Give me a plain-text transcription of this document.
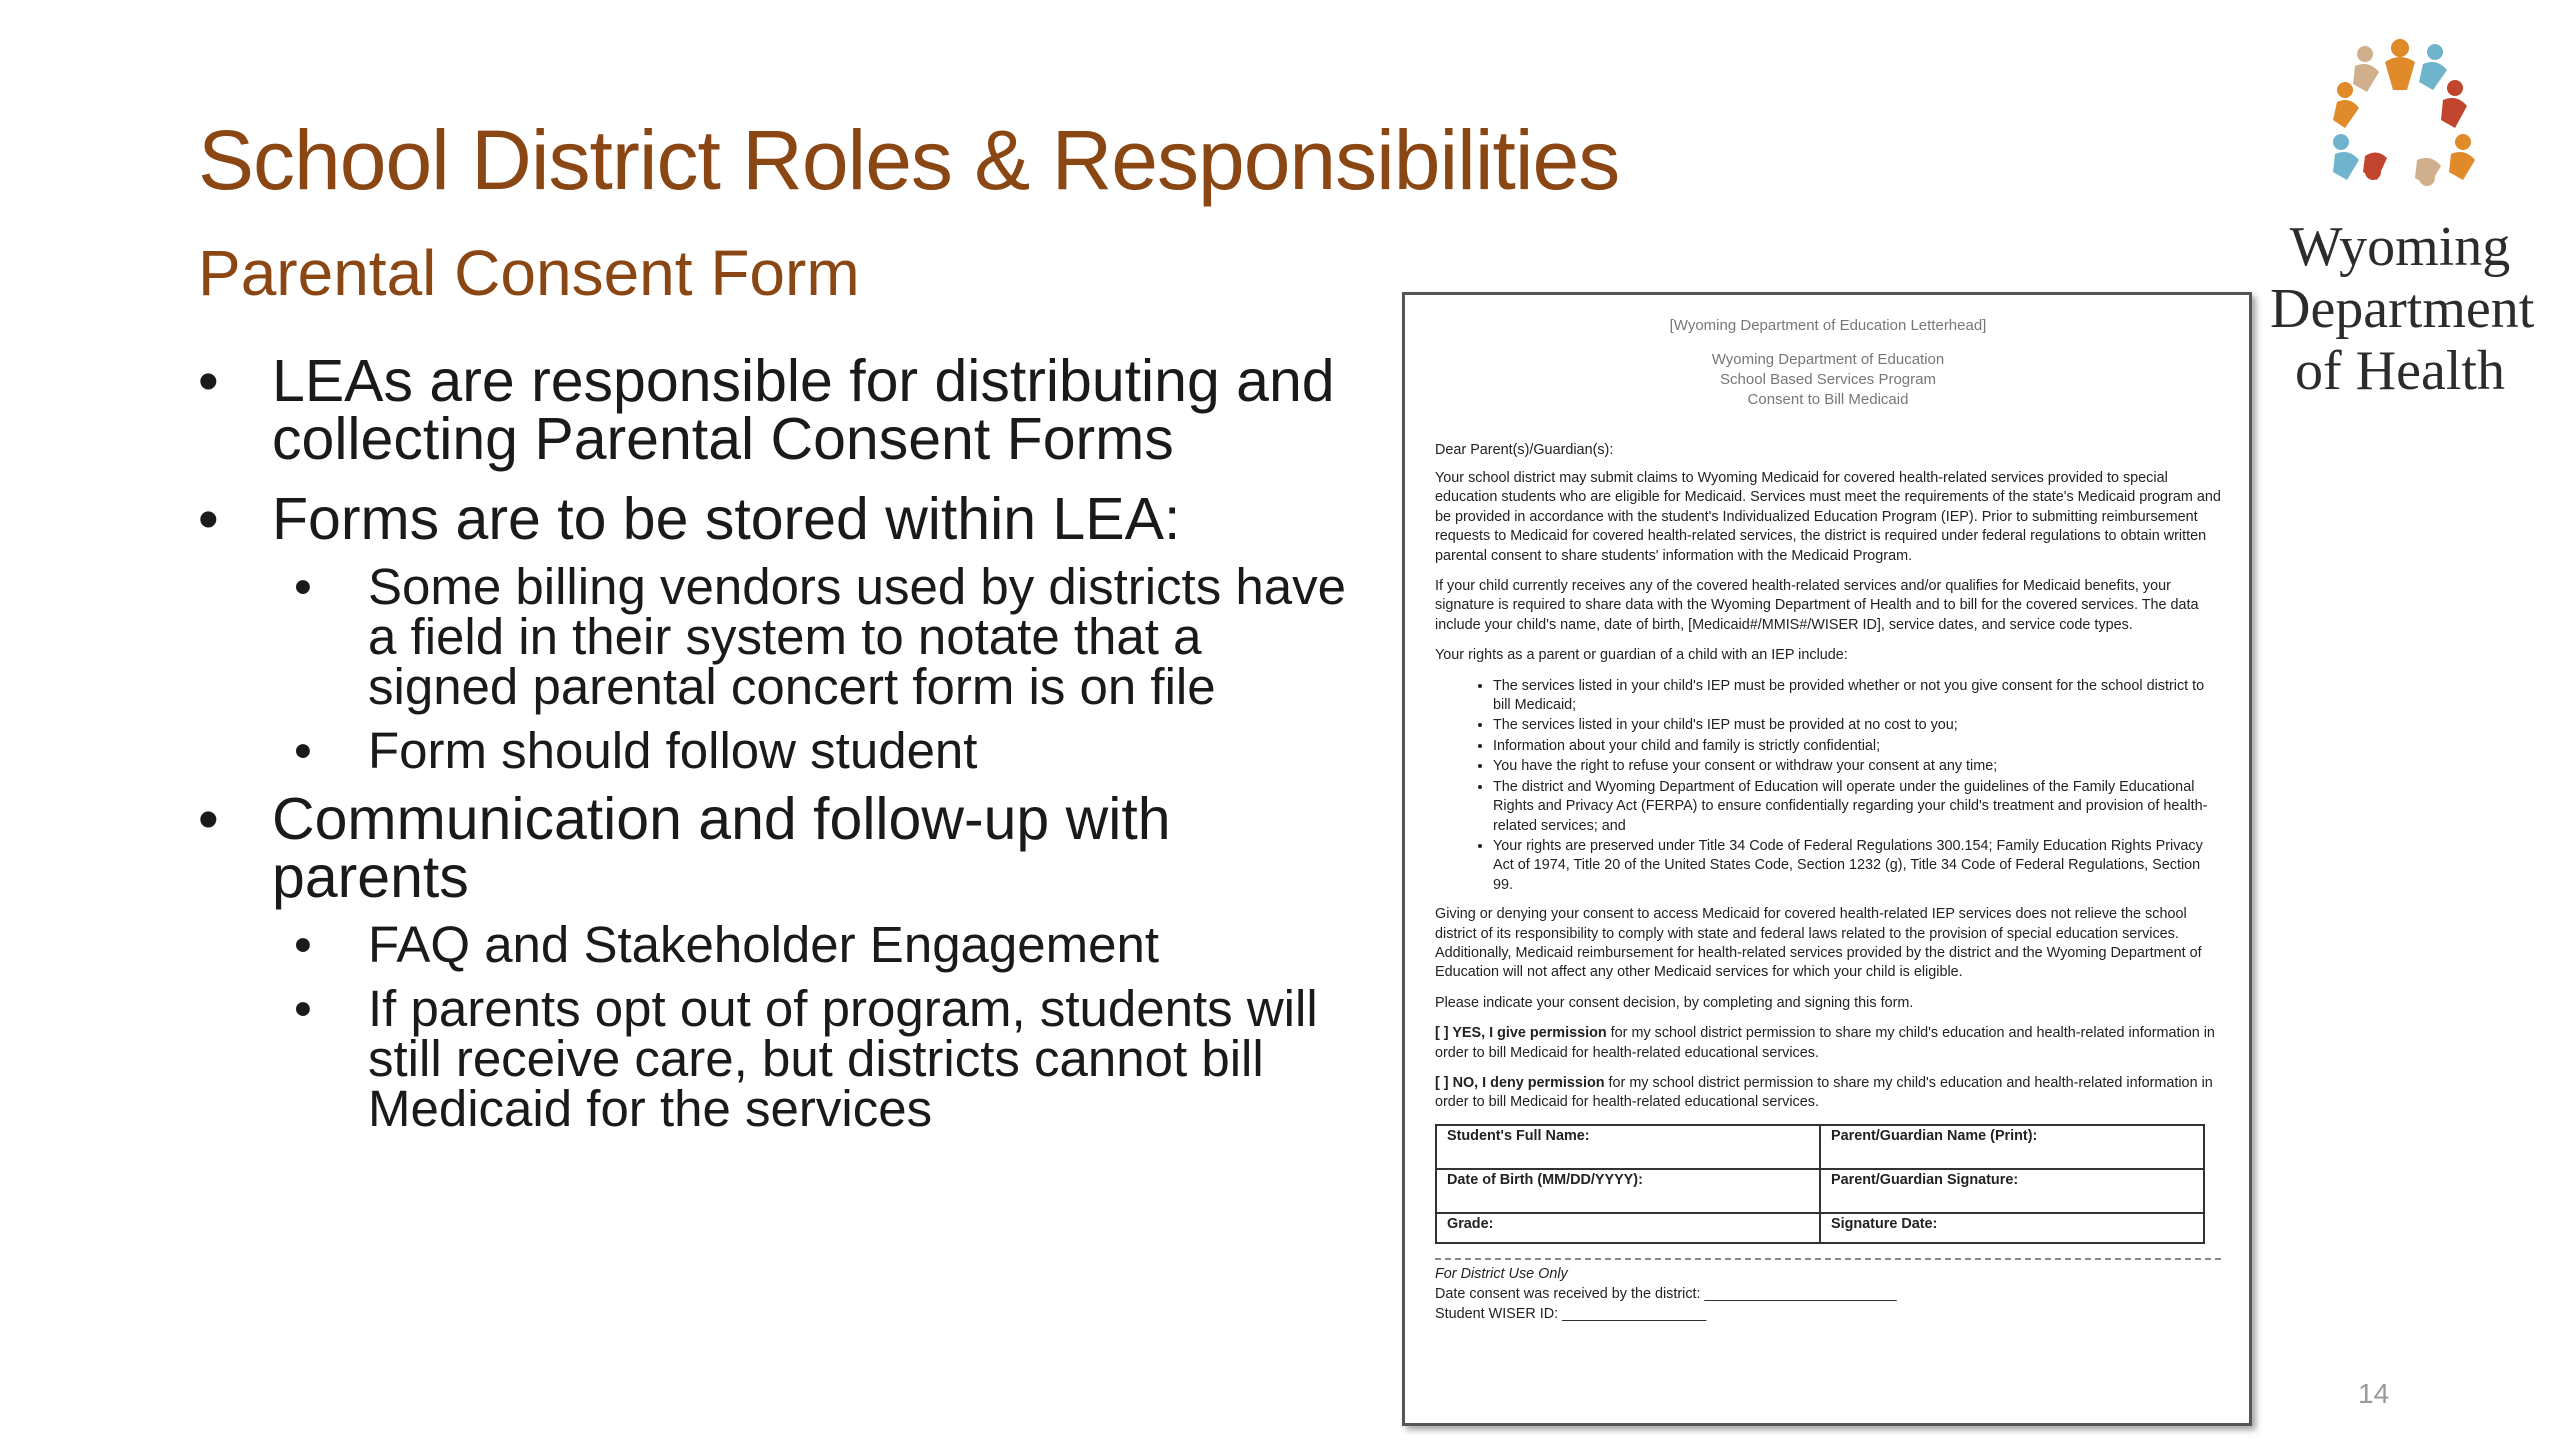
School District Roles & Responsibilities
Parental Consent Form
• LEAs are responsible for distributing and collecting Parental Consent Forms
• Forms are to be stored within LEA:
• Some billing vendors used by districts have a field in their system to notate that a signed parental concert form is on file
• Form should follow student
• Communication and follow-up with parents
• FAQ and Stakeholder Engagement
• If parents opt out of program, students will still receive care, but districts cannot bill Medicaid for the services
Wyoming
Department
of Health
[Wyoming Department of Education Letterhead]
Wyoming Department of Education
School Based Services Program
Consent to Bill Medicaid
Dear Parent(s)/Guardian(s):

Your school district may submit claims to Wyoming Medicaid for covered health-related services provided to special education students who are eligible for Medicaid. Services must meet the requirements of the state's Medicaid program and be provided in accordance with the student's Individualized Education Program (IEP). Prior to submitting reimbursement requests to Medicaid for covered health-related services, the district is required under federal regulations to obtain written parental consent to share students' information with the Medicaid Program.

If your child currently receives any of the covered health-related services and/or qualifies for Medicaid benefits, your signature is required to share data with the Wyoming Department of Health and to bill for the covered services. The data include your child's name, date of birth, [Medicaid#/MMIS#/WISER ID], service dates, and service code types.

Your rights as a parent or guardian of a child with an IEP include:

• The services listed in your child's IEP must be provided whether or not you give consent for the school district to bill Medicaid;
• The services listed in your child's IEP must be provided at no cost to you;
• Information about your child and family is strictly confidential;
• You have the right to refuse your consent or withdraw your consent at any time;
• The district and Wyoming Department of Education will operate under the guidelines of the Family Educational Rights and Privacy Act (FERPA) to ensure confidentially regarding your child's treatment and provision of health-related services; and
• Your rights are preserved under Title 34 Code of Federal Regulations 300.154; Family Education Rights Privacy Act of 1974, Title 20 of the United States Code, Section 1232 (g), Title 34 Code of Federal Regulations, Section 99.

Giving or denying your consent to access Medicaid for covered health-related IEP services does not relieve the school district of its responsibility to comply with state and federal laws related to the provision of special education services. Additionally, Medicaid reimbursement for health-related services provided by the district and the Wyoming Department of Education will not affect any other Medicaid services for which your child is eligible.

Please indicate your consent decision, by completing and signing this form.

[ ] YES, I give permission for my school district permission to share my child's education and health-related information in order to bill Medicaid for health-related educational services.
[ ] NO, I deny permission for my school district permission to share my child's education and health-related information in order to bill Medicaid for health-related educational services.
Student's Full Name:	Parent/Guardian Name (Print):
Date of Birth (MM/DD/YYYY):	Parent/Guardian Signature:
Grade:	Signature Date:
For District Use Only
Date consent was received by the district: ________________________
Student WISER ID: __________________
14
